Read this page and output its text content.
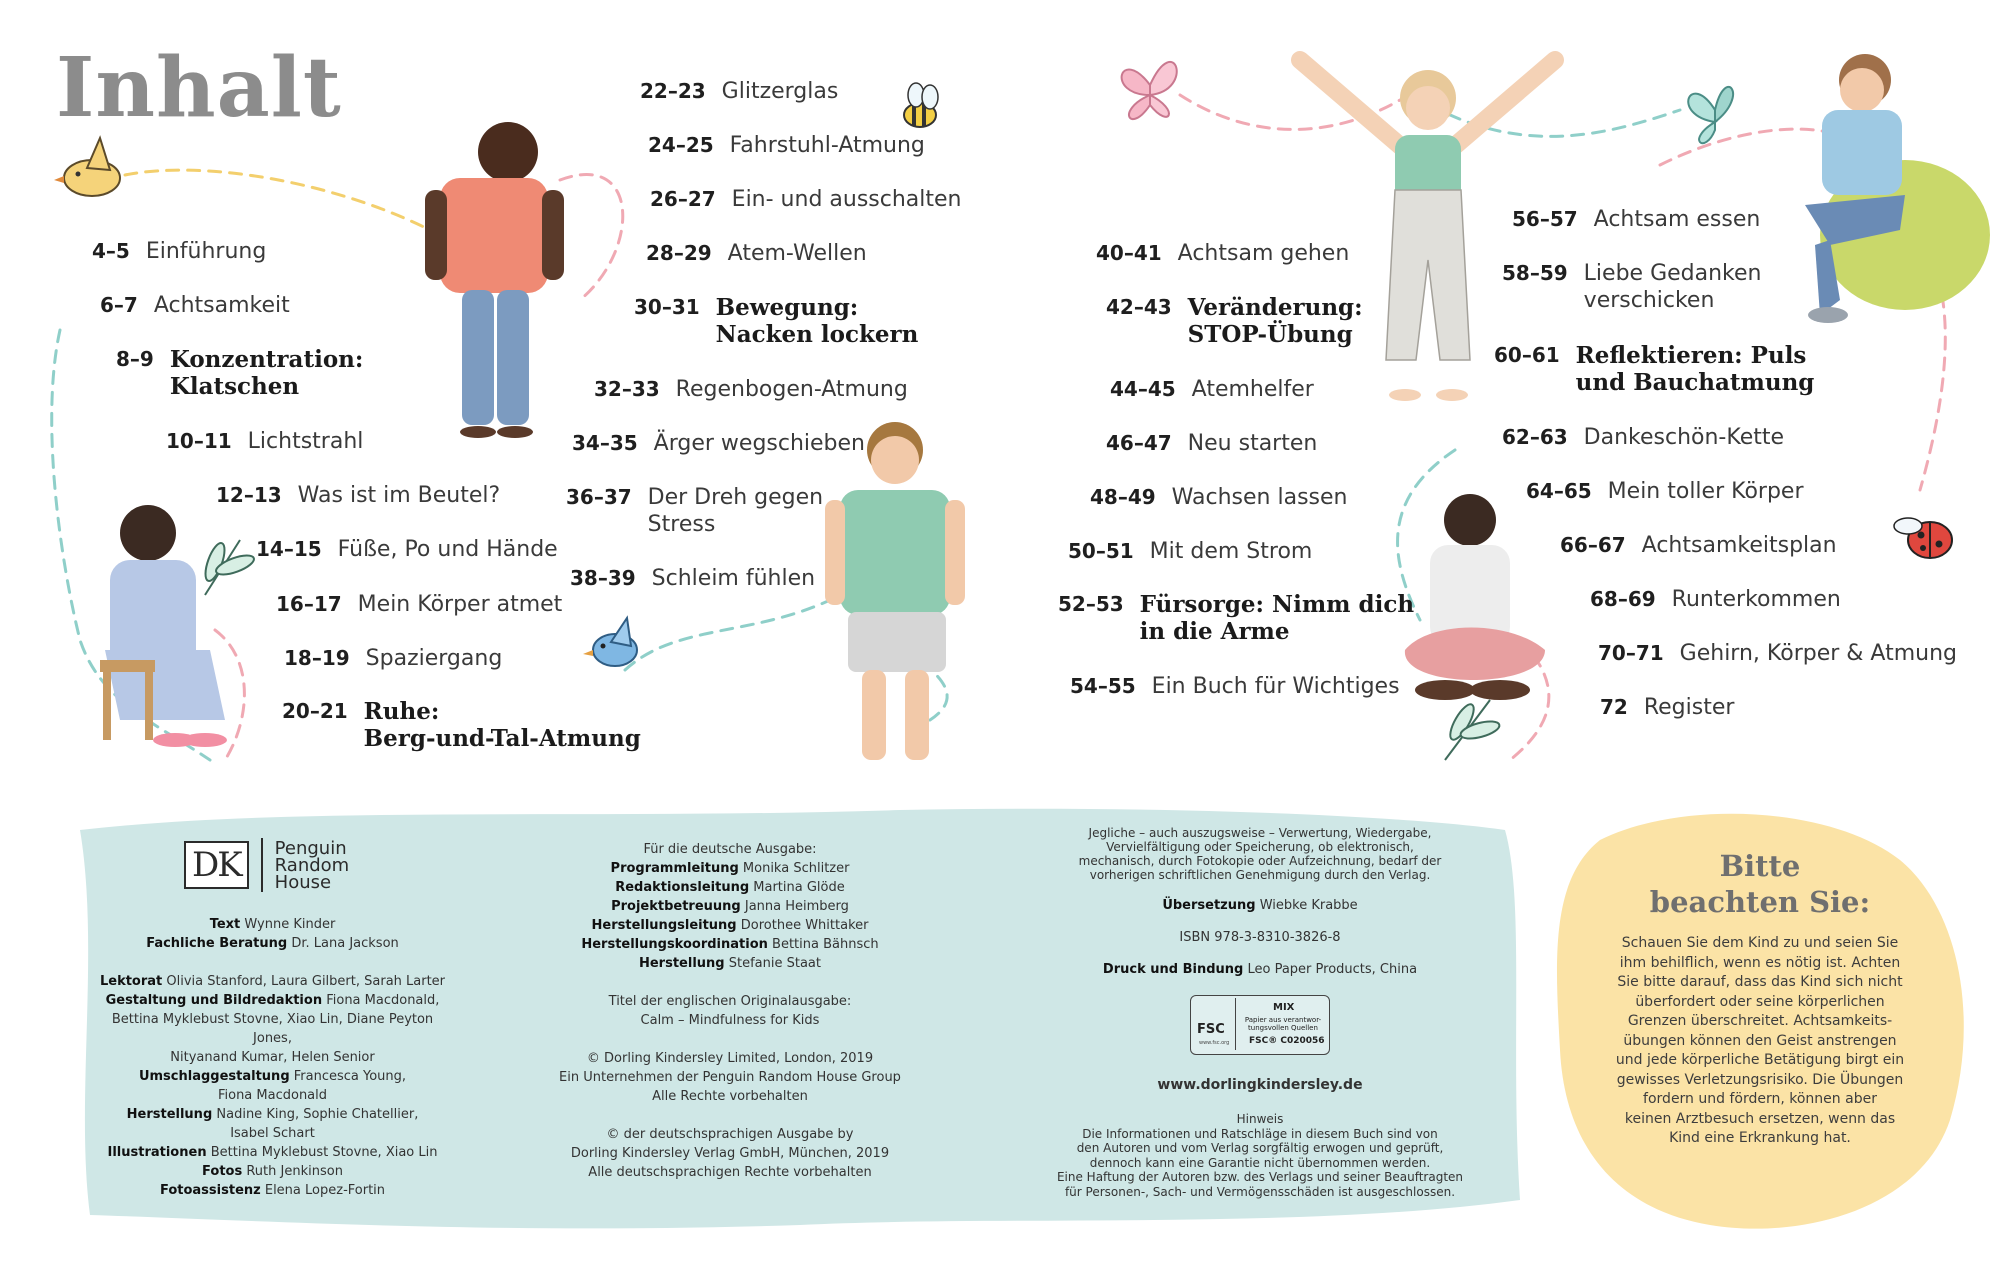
Inhalt
4–5 Einführung
6–7 Achtsamkeit
8–9 Konzentration:
Klatschen
10–11 Lichtstrahl
12–13 Was ist im Beutel?
14–15 Füße, Po und Hände
16–17 Mein Körper atmet
18–19 Spaziergang
20–21 Ruhe:
Berg-und-Tal-Atmung
22–23 Glitzerglas
24–25 Fahrstuhl-Atmung
26–27 Ein- und ausschalten
28–29 Atem-Wellen
30–31 Bewegung:
Nacken lockern
32–33 Regenbogen-Atmung
34–35 Ärger wegschieben
36–37 Der Dreh gegen
Stress
38–39 Schleim fühlen
40–41 Achtsam gehen
42–43 Veränderung:
STOP-Übung
44–45 Atemhelfer
46–47 Neu starten
48–49 Wachsen lassen
50–51 Mit dem Strom
52–53 Fürsorge: Nimm dich
in die Arme
54–55 Ein Buch für Wichtiges
56–57 Achtsam essen
58–59 Liebe Gedanken
verschicken
60–61 Reflektieren: Puls
und Bauchatmung
62–63 Dankeschön-Kette
64–65 Mein toller Körper
66–67 Achtsamkeitsplan
68–69 Runterkommen
70–71 Gehirn, Körper & Atmung
72 Register
DK	Penguin
Random
House
Text Wynne Kinder
Fachliche Beratung Dr. Lana Jackson

Lektorat Olivia Stanford, Laura Gilbert, Sarah Larter
Gestaltung und Bildredaktion Fiona Macdonald,
Bettina Myklebust Stovne, Xiao Lin, Diane Peyton Jones,
Nityanand Kumar, Helen Senior
Umschlaggestaltung Francesca Young,
Fiona Macdonald
Herstellung Nadine King, Sophie Chatellier,
Isabel Schart
Illustrationen Bettina Myklebust Stovne, Xiao Lin
Fotos Ruth Jenkinson
Fotoassistenz Elena Lopez-Fortin
Für die deutsche Ausgabe:
Programmleitung Monika Schlitzer
Redaktionsleitung Martina Glöde
Projektbetreuung Janna Heimberg
Herstellungsleitung Dorothee Whittaker
Herstellungskoordination Bettina Bähnsch
Herstellung Stefanie Staat

Titel der englischen Originalausgabe:
Calm – Mindfulness for Kids

© Dorling Kindersley Limited, London, 2019
Ein Unternehmen der Penguin Random House Group
Alle Rechte vorbehalten

© der deutschsprachigen Ausgabe by
Dorling Kindersley Verlag GmbH, München, 2019
Alle deutschsprachigen Rechte vorbehalten
Jegliche – auch auszugsweise – Verwertung, Wiedergabe,
Vervielfältigung oder Speicherung, ob elektronisch,
mechanisch, durch Fotokopie oder Aufzeichnung, bedarf der
vorherigen schriftlichen Genehmigung durch den Verlag.
Übersetzung Wiebke Krabbe
ISBN 978-3-8310-3826-8
Druck und Bindung Leo Paper Products, China
FSC
www.fsc.org
MIX
Papier aus verantwor-
tungsvollen Quellen
FSC® C020056
www.dorlingkindersley.de
Hinweis
Die Informationen und Ratschläge in diesem Buch sind von
den Autoren und vom Verlag sorgfältig erwogen und geprüft,
dennoch kann eine Garantie nicht übernommen werden.
Eine Haftung der Autoren bzw. des Verlags und seiner Beauftragten
für Personen-, Sach- und Vermögensschäden ist ausgeschlossen.
Bitte
beachten Sie:
Schauen Sie dem Kind zu und seien Sie
ihm behilflich, wenn es nötig ist. Achten
Sie bitte darauf, dass das Kind sich nicht
überfordert oder seine körperlichen
Grenzen überschreitet. Achtsamkeits-
übungen können den Geist anstrengen
und jede körperliche Betätigung birgt ein
gewisses Verletzungsrisiko. Die Übungen
fordern und fördern, können aber
keinen Arztbesuch ersetzen, wenn das
Kind eine Erkrankung hat.
